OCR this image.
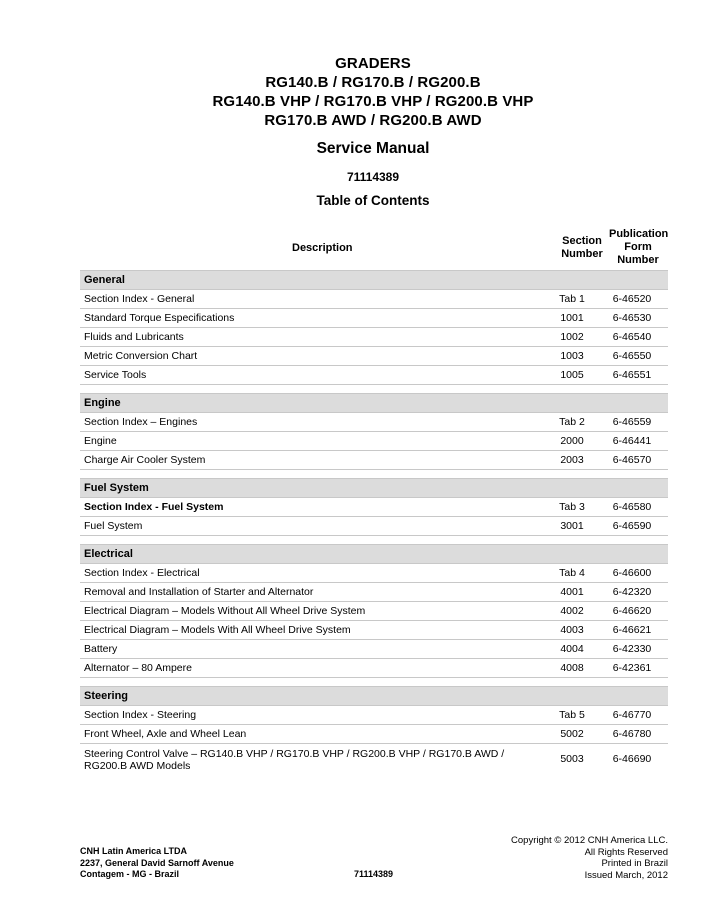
GRADERS
RG140.B / RG170.B / RG200.B
RG140.B VHP / RG170.B VHP / RG200.B VHP
RG170.B AWD / RG200.B AWD
Service Manual
71114389
Table of Contents
Description
Section
Number
Publication
Form
Number
General
Section Index - General	Tab 1	6-46520
Standard Torque Especifications	1001	6-46530
Fluids and Lubricants	1002	6-46540
Metric Conversion Chart	1003	6-46550
Service Tools	1005	6-46551
Engine
Section Index – Engines	Tab 2	6-46559
Engine	2000	6-46441
Charge Air Cooler System	2003	6-46570
Fuel System
Section Index - Fuel System	Tab 3	6-46580
Fuel System	3001	6-46590
Electrical
Section Index - Electrical	Tab 4	6-46600
Removal and Installation of Starter and Alternator	4001	6-42320
Electrical Diagram – Models Without All Wheel Drive System	4002	6-46620
Electrical Diagram – Models With All Wheel Drive System	4003	6-46621
Battery	4004	6-42330
Alternator – 80 Ampere	4008	6-42361
Steering
Section Index - Steering	Tab 5	6-46770
Front Wheel, Axle and Wheel Lean	5002	6-46780
Steering Control Valve – RG140.B VHP / RG170.B VHP / RG200.B VHP / RG170.B AWD / RG200.B AWD Models
5003	6-46690
CNH Latin America LTDA
2237, General David Sarnoff Avenue
Contagem - MG - Brazil	71114389
Copyright © 2012 CNH America LLC.
All Rights Reserved
Printed in Brazil
Issued March, 2012
